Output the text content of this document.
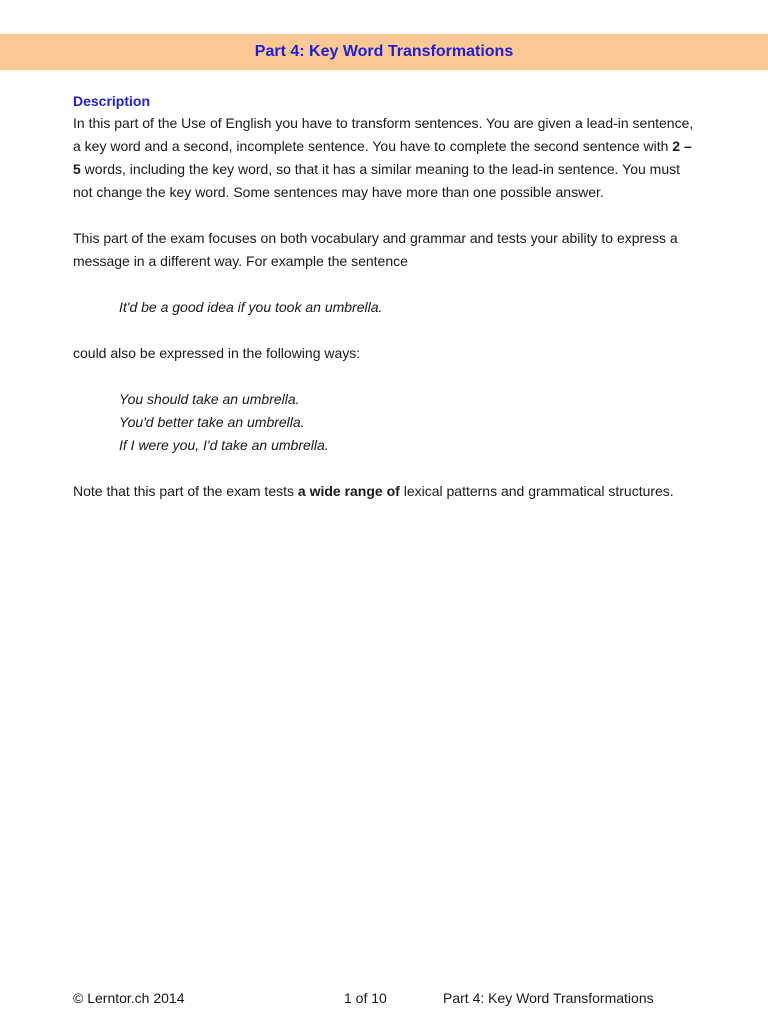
Part 4: Key Word Transformations
Description

In this part of the Use of English you have to transform sentences. You are given a lead-in sentence, a key word and a second, incomplete sentence. You have to complete the second sentence with 2 – 5 words, including the key word, so that it has a similar meaning to the lead-in sentence. You must not change the key word. Some sentences may have more than one possible answer.

This part of the exam focuses on both vocabulary and grammar and tests your ability to express a message in a different way. For example the sentence

It'd be a good idea if you took an umbrella.

could also be expressed in the following ways:

You should take an umbrella.

You'd better take an umbrella.

If I were you, I'd take an umbrella.

Note that this part of the exam tests a wide range of lexical patterns and grammatical structures.

© Lerntor.ch 2014	1 of 10	Part 4: Key Word Transformations
